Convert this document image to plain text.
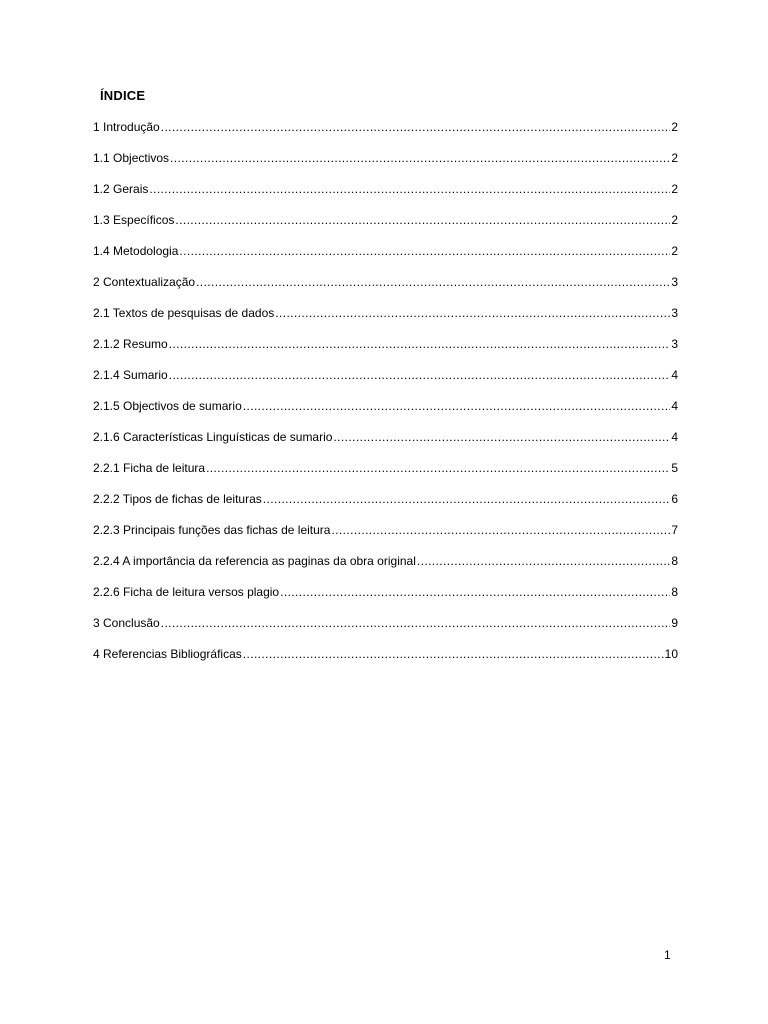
ÍNDICE
1 Introdução .....	2
1.1 Objectivos .....	2
1.2 Gerais .....	2
1.3 Específicos .....	2
1.4 Metodologia .....	2
2 Contextualização .....	3
2.1 Textos de pesquisas de dados .....	3
2.1.2 Resumo .....	3
2.1.4 Sumario .....	4
2.1.5 Objectivos de sumario .....	4
2.1.6 Características Linguísticas de sumario .....	4
2.2.1 Ficha de leitura .....	5
2.2.2 Tipos de fichas de leituras .....	6
2.2.3 Principais funções das fichas de leitura .....	7
2.2.4 A importância da referencia as paginas da obra original .....	8
2.2.6 Ficha de leitura versos plagio .....	8
3 Conclusão .....	9
4 Referencias Bibliográficas .....	10
1
